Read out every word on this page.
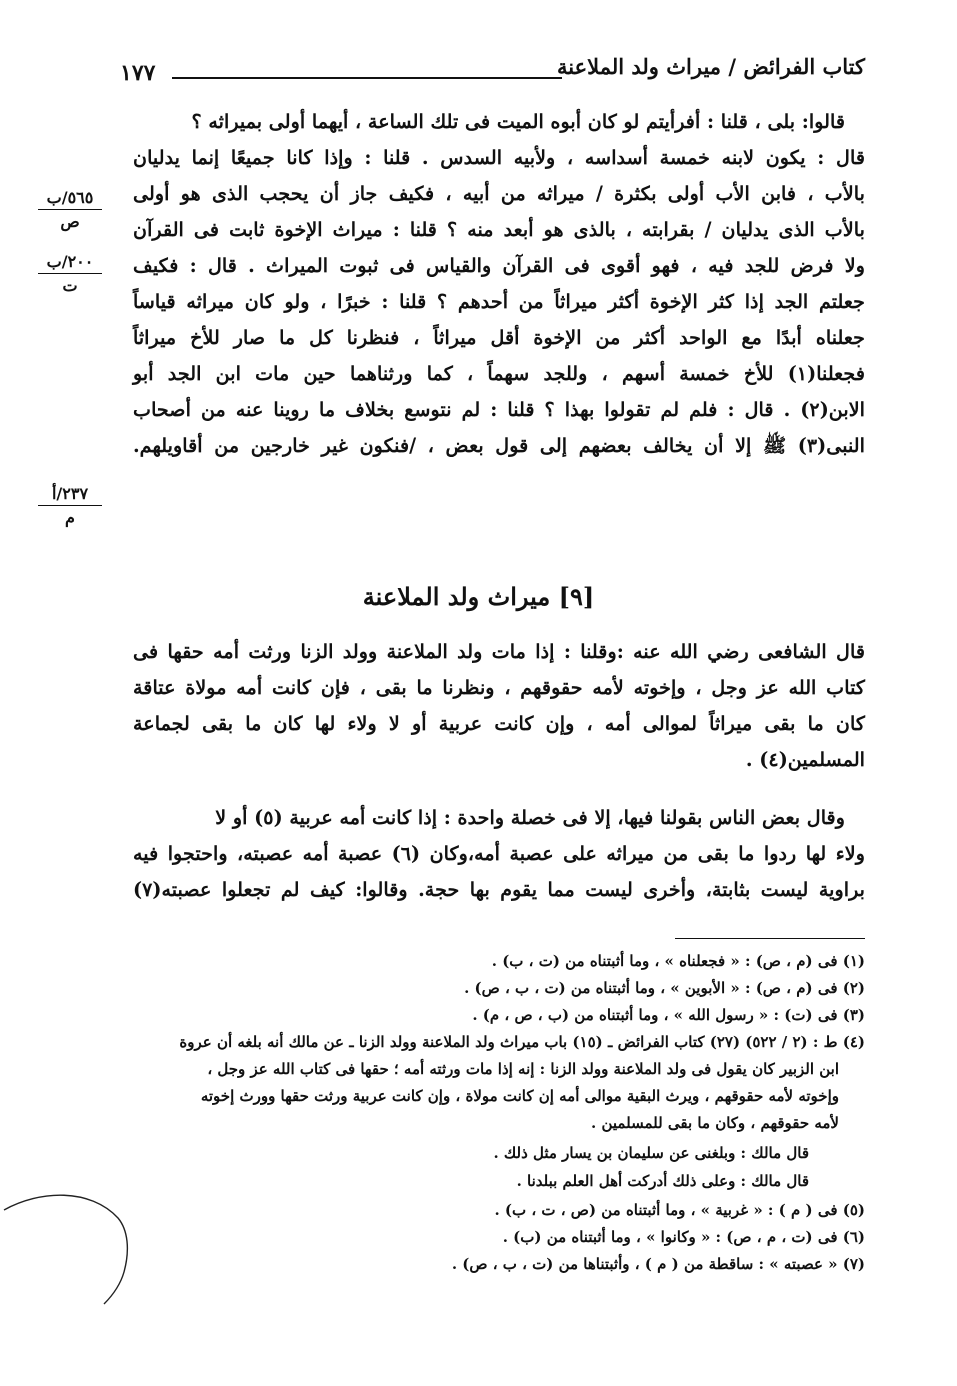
كتاب الفرائض / ميراث ولد الملاعنة
١٧٧
٥٦٥/ب
ص
٢٠٠/ب
ت
٢٣٧/أ
م
قالوا: بلى ، قلنا : أفرأيتم لو كان أبوه الميت فى تلك الساعة ، أيهما أولى بميراثه ؟
قال : يكون لابنه خمسة أسداسه ، ولأبيه السدس . قلنا : وإذا كانا جميعًا إنما يدليان
بالأب ، فابن الأب أولى بكثرة / ميراثه من أبيه ، فكيف جاز أن يحجب الذى هو أولى
بالأب الذى يدليان / بقرابته ، بالذى هو أبعد منه ؟ قلنا : ميراث الإخوة ثابت فى القرآن
ولا فرض للجد فيه ، فهو أقوى فى القرآن والقياس فى ثبوت الميراث . قال : فكيف
جعلتم الجد إذا كثر الإخوة أكثر ميراثاً من أحدهم ؟ قلنا : خبرًا ، ولو كان ميراثه قياساً
جعلناه أبدًا مع الواحد أكثر من الإخوة أقل ميراثاً ، فنظرنا كل ما صار للأخ ميراثاً
فجعلنا(١) للأخ خمسة أسهم ، وللجد سهماً ، كما ورثناهما حين مات ابن الجد أبو
الابن(٢) . قال : فلم لم تقولوا بهذا ؟ قلنا : لم نتوسع بخلاف ما روينا عنه من أصحاب
النبى(٣) ﷺ إلا أن يخالف بعضهم إلى قول بعض ، /فنكون غير خارجين من أقاويلهم.
[٩] ميراث ولد الملاعنة
قال الشافعى رضي الله عنه :وقلنا : إذا مات ولد الملاعنة وولد الزنا ورثت أمه حقها فى
كتاب الله عز وجل ، وإخوته لأمه حقوقهم ، ونظرنا ما بقى ، فإن كانت أمه مولاة عتاقة
كان ما بقى ميراثاً لموالى أمه ، وإن كانت عربية أو لا ولاء لها كان ما بقى لجماعة
المسلمين(٤) .
وقال بعض الناس بقولنا فيها، إلا فى خصلة واحدة : إذا كانت أمه عربية (٥) أو لا
ولاء لها ردوا ما بقى من ميراثه على عصبة أمه،وكان (٦) عصبة أمه عصبته، واحتجوا فيه
براوية ليست بثابتة، وأخرى ليست مما يقوم بها حجة. وقالوا: كيف لم تجعلوا عصبته(٧)
(١) فى (م ، ص) : « فجعلناه » ، وما أثبتناه من (ت ، ب) .
(٢) فى (م ، ص) : « الأبوين » ، وما أثبتناه من (ت ، ب ، ص) .
(٣) فى (ت) : « رسول الله » ، وما أثبتناه من (ب ، ص ، م) .
(٤) ط : (٢ / ٥٢٢) (٢٧) كتاب الفرائض ـ (١٥) باب ميراث ولد الملاعنة وولد الزنا ـ عن مالك أنه بلغه أن عروة
ابن الزبير كان يقول فى ولد الملاعنة وولد الزنا : إنه إذا مات ورثته أمه ؛ حقها فى كتاب الله عز وجل ،
وإخوته لأمه حقوقهم ، ويرث البقية موالى أمه إن كانت مولاة ، وإن كانت عربية ورثت حقها وورث إخوته
لأمه حقوقهم ، وكان ما بقى للمسلمين .
قال مالك : وبلغنى عن سليمان بن يسار مثل ذلك .
قال مالك : وعلى ذلك أدركت أهل العلم ببلدنا .
(٥) فى ( م ) : « غربية » ، وما أثبتناه من (ص ، ت ، ب) .
(٦) فى (ت ، م ، ص) : « وكانوا » ، وما أثبتناه من (ب) .
(٧) « عصبته » : ساقطة من ( م ) ، وأثبتناها من (ت ، ب ، ص) .
